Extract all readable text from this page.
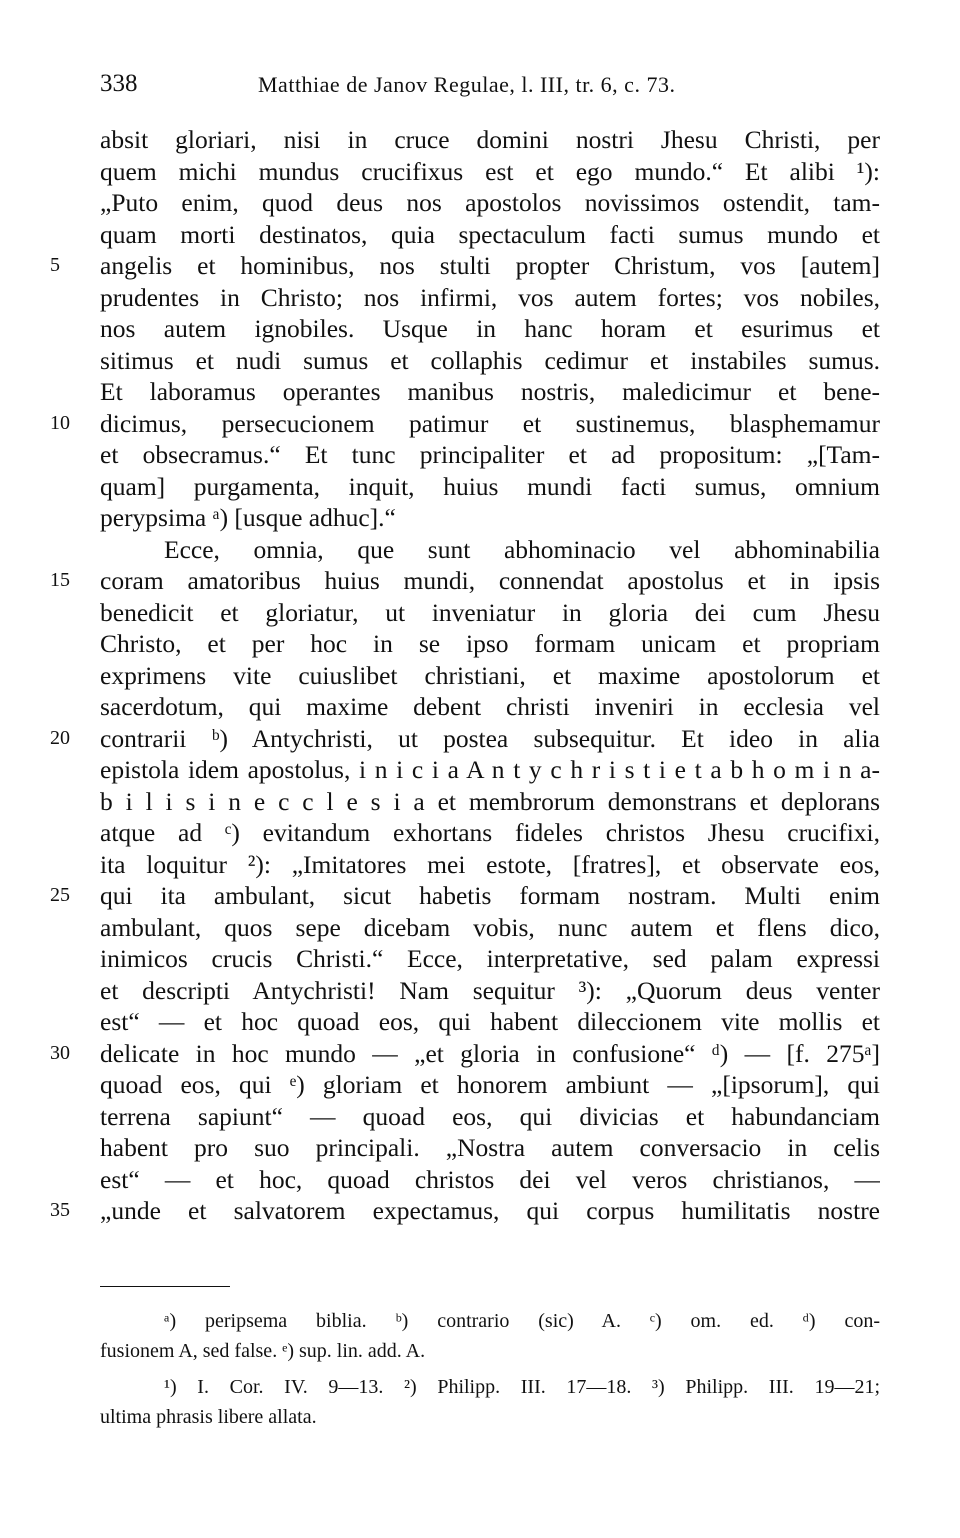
338	Matthiae de Janov Regulae, l. III, tr. 6, c. 73.
absit gloriari, nisi in cruce domini nostri Jhesu Christi, per
quem michi mundus crucifixus est et ego mundo.“ Et alibi ¹):
„Puto enim, quod deus nos apostolos novissimos ostendit, tam-
quam morti destinatos, quia spectaculum facti sumus mundo et
5	angelis et hominibus, nos stulti propter Christum, vos [autem]
prudentes in Christo; nos infirmi, vos autem fortes; vos nobiles,
nos autem ignobiles. Usque in hanc horam et esurimus et
sitimus et nudi sumus et collaphis cedimur et instabiles sumus.
Et laboramus operantes manibus nostris, maledicimur et bene-
10	dicimus, persecucionem patimur et sustinemus, blasphemamur
et obsecramus.“ Et tunc principaliter et ad propositum: „[Tam-
quam] purgamenta, inquit, huius mundi facti sumus, omnium
perypsima ᵃ) [usque adhuc].“
Ecce, omnia, que sunt abhominacio vel abhominabilia
15	coram amatoribus huius mundi, connendat apostolus et in ipsis
benedicit et gloriatur, ut inveniatur in gloria dei cum Jhesu
Christo, et per hoc in se ipso formam unicam et propriam
exprimens vite cuiuslibet christiani, et maxime apostolorum et
sacerdotum, qui maxime debent christi inveniri in ecclesia vel
20	contrarii ᵇ) Antychristi, ut postea subsequitur. Et ideo in alia
epistola idem apostolus, i n i c i a A n t y c h r i s t i e t a b h o m i n a-
b i l i s i n e c c l e s i a et membrorum demonstrans et deplorans
atque ad ᶜ) evitandum exhortans fideles christos Jhesu crucifixi,
ita loquitur ²): „Imitatores mei estote, [fratres], et observate eos,
25	qui ita ambulant, sicut habetis formam nostram. Multi enim
ambulant, quos sepe dicebam vobis, nunc autem et flens dico,
inimicos crucis Christi.“ Ecce, interpretative, sed palam expressi
et descripti Antychristi! Nam sequitur ³): „Quorum deus venter
est“ — et hoc quoad eos, qui habent dileccionem vite mollis et
30	delicate in hoc mundo — „et gloria in confusione“ ᵈ) — [f. 275ᵃ]
quoad eos, qui ᵉ) gloriam et honorem ambiunt — „[ipsorum], qui
terrena sapiunt“ — quoad eos, qui divicias et habundanciam
habent pro suo principali. „Nostra autem conversacio in celis
est“ — et hoc, quoad christos dei vel veros christianos, —
35	„unde et salvatorem expectamus, qui corpus humilitatis nostre
ᵃ) peripsema biblia. ᵇ) contrario (sic) A. ᶜ) om. ed. ᵈ) con-
fusionem A, sed false. ᵉ) sup. lin. add. A.
¹) I. Cor. IV. 9—13. ²) Philipp. III. 17—18. ³) Philipp. III. 19—21;
ultima phrasis libere allata.
